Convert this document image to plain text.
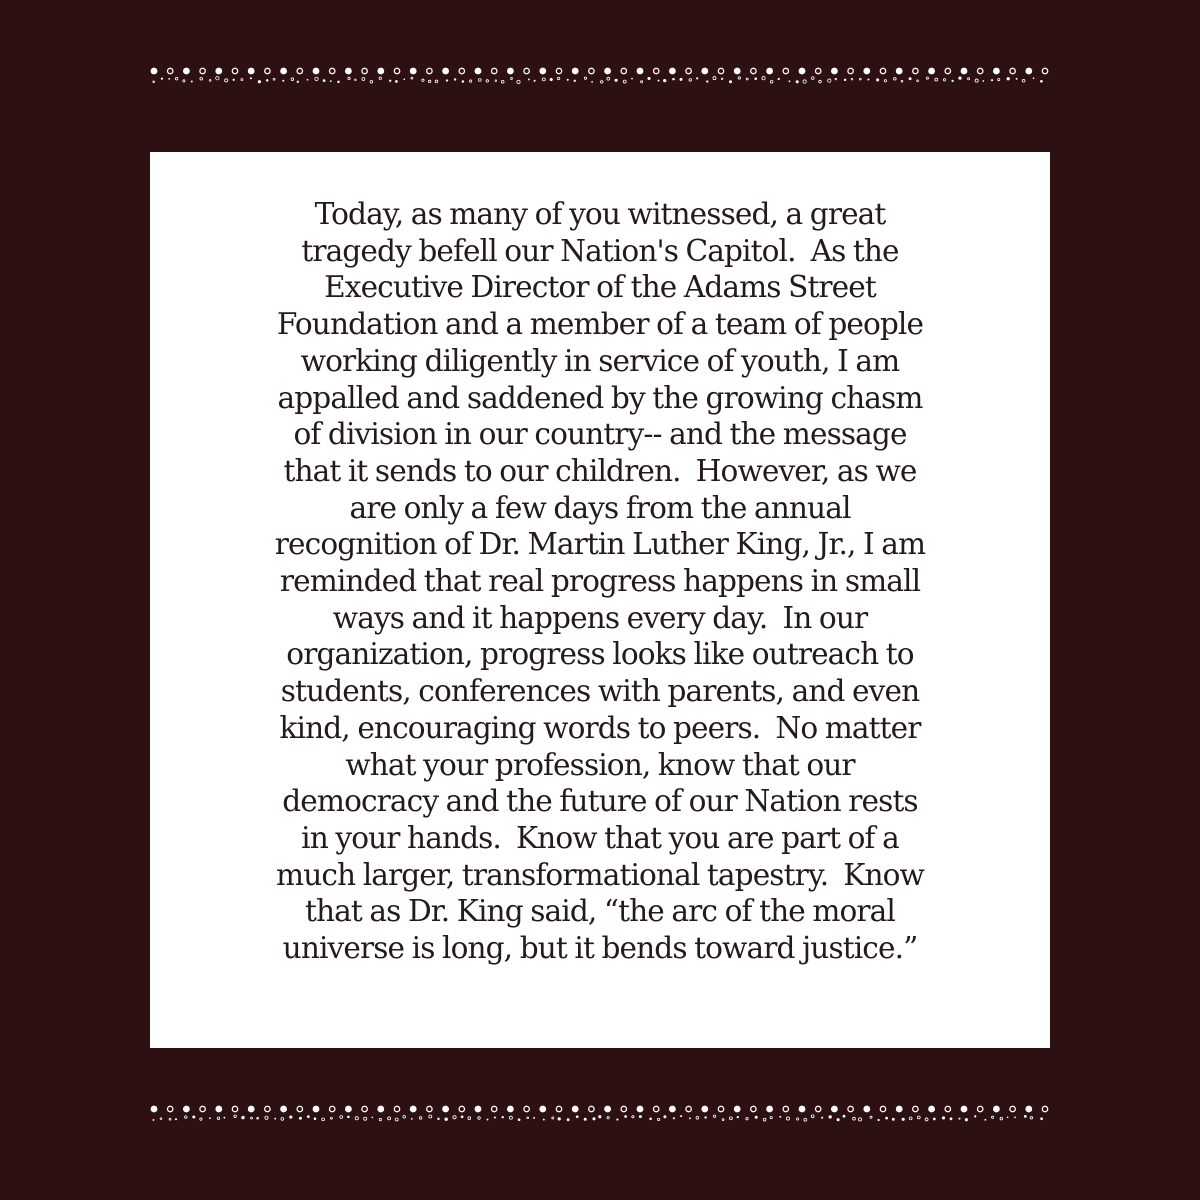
Today, as many of you witnessed, a great
tragedy befell our Nation's Capitol.  As the
Executive Director of the Adams Street
Foundation and a member of a team of people
working diligently in service of youth, I am
appalled and saddened by the growing chasm
of division in our country-- and the message
that it sends to our children.  However, as we
are only a few days from the annual
recognition of Dr. Martin Luther King, Jr., I am
reminded that real progress happens in small
ways and it happens every day.  In our
organization, progress looks like outreach to
students, conferences with parents, and even
kind, encouraging words to peers.  No matter
what your profession, know that our
democracy and the future of our Nation rests
in your hands.  Know that you are part of a
much larger, transformational tapestry.  Know
that as Dr. King said, “the arc of the moral
universe is long, but it bends toward justice.”
